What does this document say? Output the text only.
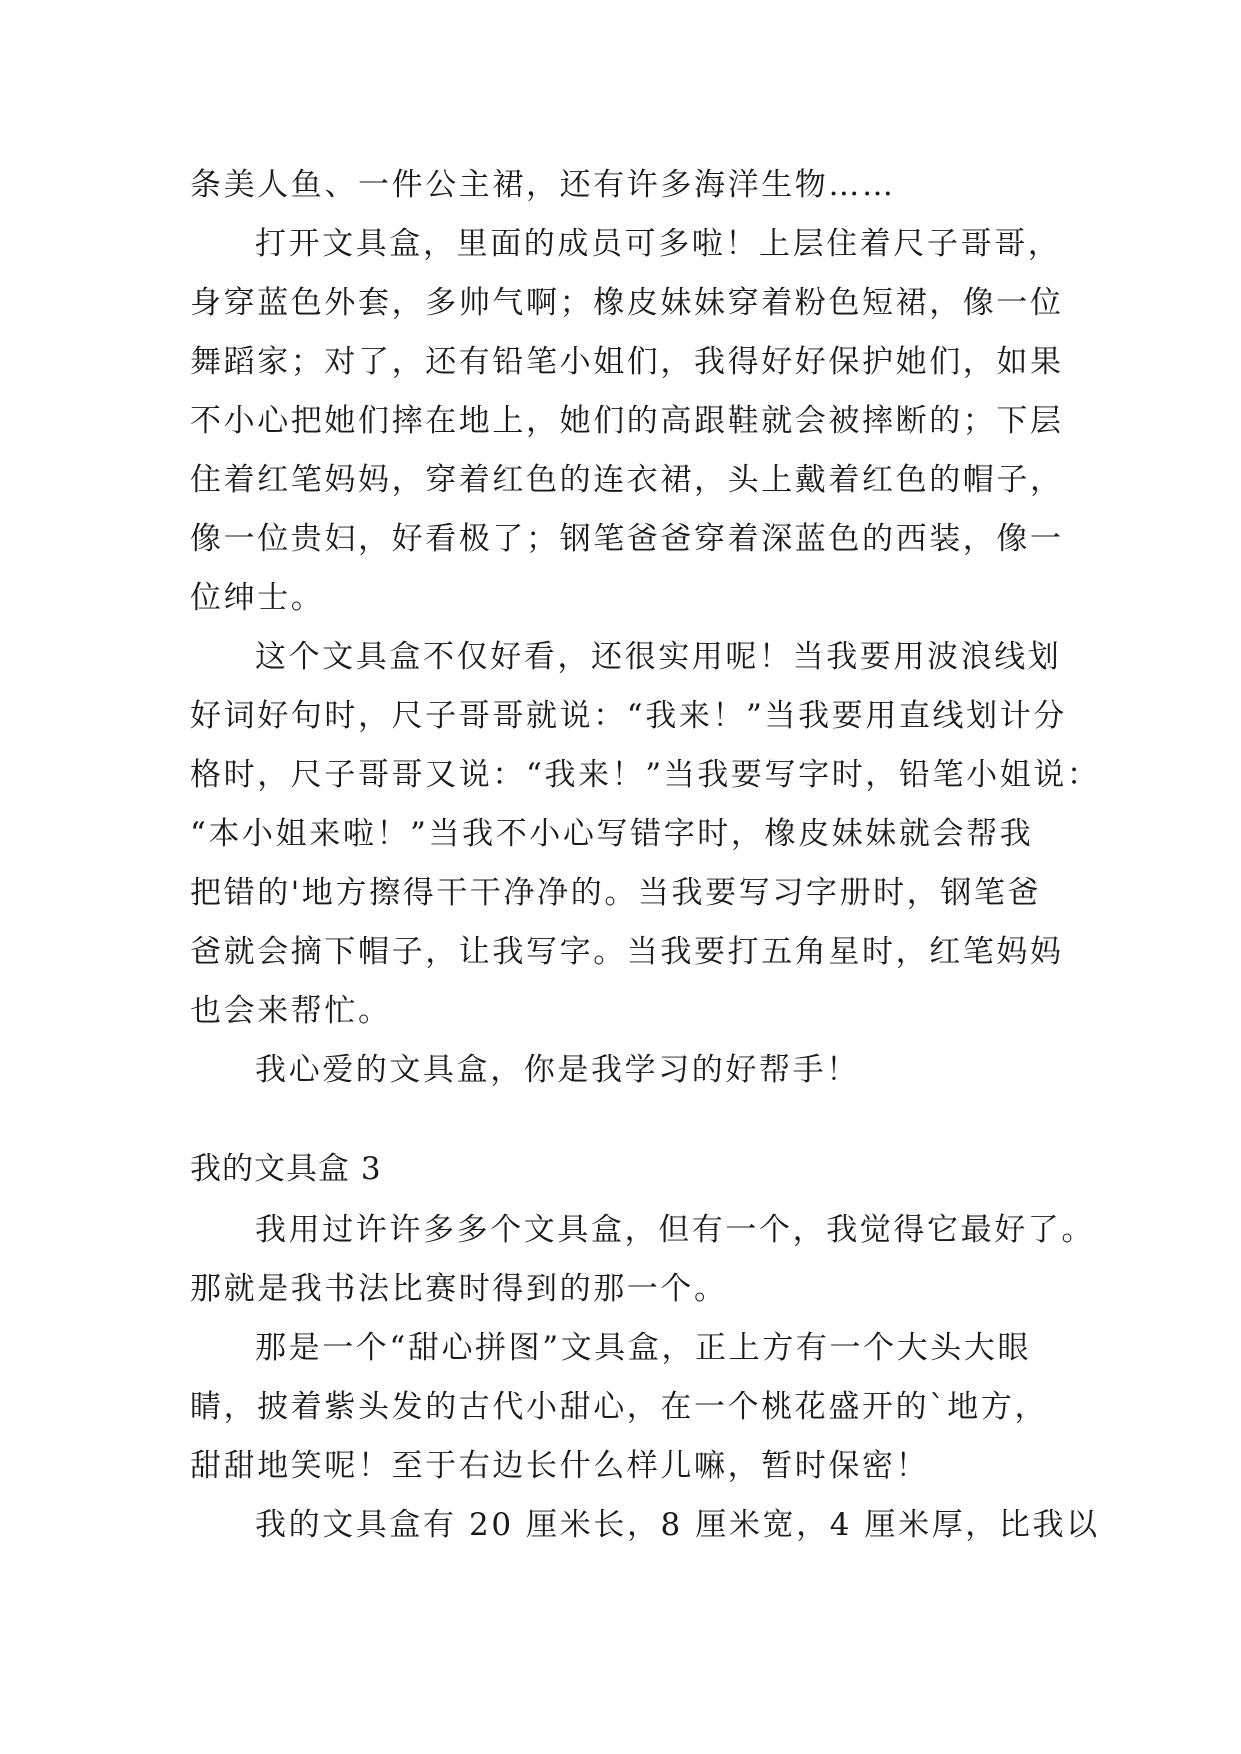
条美人鱼、一件公主裙，还有许多海洋生物……
打开文具盒，里面的成员可多啦！上层住着尺子哥哥，
身穿蓝色外套，多帅气啊；橡皮妹妹穿着粉色短裙，像一位
舞蹈家；对了，还有铅笔小姐们，我得好好保护她们，如果
不小心把她们摔在地上，她们的高跟鞋就会被摔断的；下层
住着红笔妈妈，穿着红色的连衣裙，头上戴着红色的帽子，
像一位贵妇，好看极了；钢笔爸爸穿着深蓝色的西装，像一
位绅士。
这个文具盒不仅好看，还很实用呢！当我要用波浪线划
好词好句时，尺子哥哥就说：“我来！”当我要用直线划计分
格时，尺子哥哥又说：“我来！”当我要写字时，铅笔小姐说：
“本小姐来啦！”当我不小心写错字时，橡皮妹妹就会帮我
把错的'地方擦得干干净净的。当我要写习字册时，钢笔爸
爸就会摘下帽子，让我写字。当我要打五角星时，红笔妈妈
也会来帮忙。
我心爱的文具盒，你是我学习的好帮手！
我的文具盒 3
我用过许许多多个文具盒，但有一个，我觉得它最好了。
那就是我书法比赛时得到的那一个。
那是一个“甜心拼图”文具盒，正上方有一个大头大眼
睛，披着紫头发的古代小甜心，在一个桃花盛开的`地方，
甜甜地笑呢！至于右边长什么样儿嘛，暂时保密！
我的文具盒有 20 厘米长，8 厘米宽，4 厘米厚，比我以
